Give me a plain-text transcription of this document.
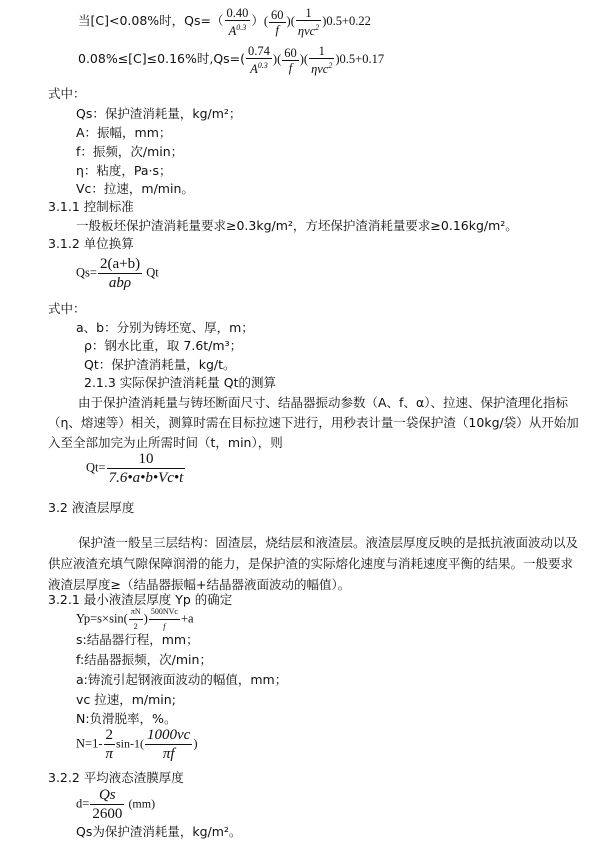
当[C]<0.08%时，$Qs=( \frac{0.40}{A^{0.3}}$ ）( $\frac{60}{f}$ )( $\frac{1}{\eta vc^2} )0.5+0.22$
0.08%≤[C]≤0.16%时$,Qs=( \frac{0.74}{A^{0.3}}$ )( $\frac{60}{f}$ )( $\frac{1}{\eta vc^2} )0.5+0.17$
式中：
Qs：保护渣消耗量，kg/m²；
A：振幅，mm；
f：振频，次/min；
η：粘度，Pa·s；
Vc：拉速，m/min。
3.1.1 控制标准
一般板坯保护渣消耗量要求≥0.3kg/m²，方坯保护渣消耗量要求≥0.16kg/m²。
3.1.2 单位换算
$Qs= \frac{2(a+b)}{\text{abρ}}$ Qt
式中：
a、b：分别为铸坯宽、厚，m；
ρ：钢水比重，取 7.6t/m³；
Qt：保护渣消耗量，kg/t。
2.1.3 实际保护渣消耗量 Qt的测算
由于保护渣消耗量与铸坯断面尺寸、结晶器振动参数（A、f、α）、拉速、保护渣理化指标（η、熔速等）相关，测算时需在目标拉速下进行，用秒表计量一袋保护渣（10kg/袋）从开始加入至全部加完为止所需时间（t，min），则
$Qt= \frac{10}{7.6•a•b•Vc•t}$
3.2 液渣层厚度
保护渣一般呈三层结构：固渣层，烧结层和液渣层。液渣层厚度反映的是抵抗液面波动以及供应液渣充填气隙保障润滑的能力，是保护渣的实际熔化速度与消耗速度平衡的结果。一般要求液渣层厚度≥（结晶器振幅+结晶器液面波动的幅值）。
3.2.1 最小液渣层厚度 Yp 的确定
$Yp=s\times\sin( \frac{\pi N}{2}$ ) $\frac{\text{500NVc}}{f} +a$
s:结晶器行程，mm；
f:结晶器振频，次/min；
a:铸流引起钢液面波动的幅值，mm；
vc 拉速，m/min;
N:负滑脱率，%。
$N=1- \frac{2}{\pi} \sin-1( \frac{1000vc}{\pi f}$ )
3.2.2 平均液态渣膜厚度
$d= \frac{Qs}{2600} (mm)$
Qs为保护渣消耗量，kg/m²。
